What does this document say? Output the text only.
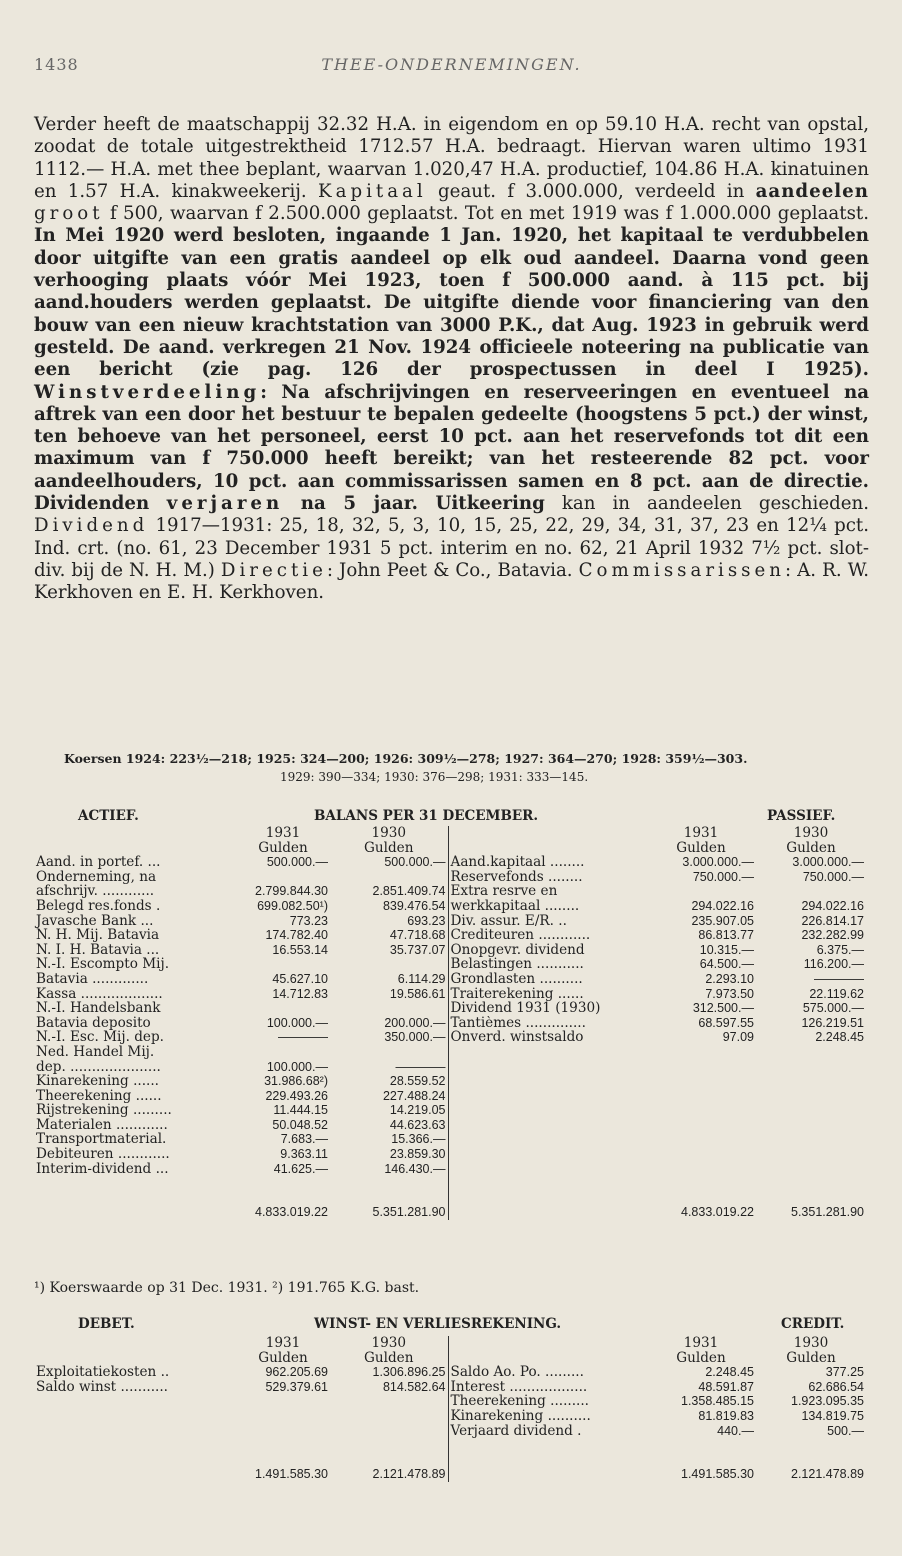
1438	THEE-ONDERNEMINGEN.

Verder heeft de maatschappij 32.32 H.A. in eigendom en op 59.10 H.A. recht van opstal, zoodat de totale uitgestrektheid 1712.57 H.A. bedraagt. Hiervan waren ultimo 1931 1112.— H.A. met thee beplant, waarvan 1.020,47 H.A. productief, 104.86 H.A. kinatuinen en 1.57 H.A. kinakweekerij. Kapitaal geaut. f 3.000.000, verdeeld in aandeelen groot f 500, waarvan f 2.500.000 geplaatst. Tot en met 1919 was f 1.000.000 geplaatst. In Mei 1920 werd besloten, ingaande 1 Jan. 1920, het kapitaal te verdubbelen door uitgifte van een gratis aandeel op elk oud aandeel. Daarna vond geen verhooging plaats vóór Mei 1923, toen f 500.000 aand. à 115 pct. bij aand.houders werden geplaatst. De uitgifte diende voor financiering van den bouw van een nieuw krachtstation van 3000 P.K., dat Aug. 1923 in gebruik werd gesteld. De aand. verkregen 21 Nov. 1924 officieele noteering na publicatie van een bericht (zie pag. 126 der prospectussen in deel I 1925). Winstverdeeling: Na afschrijvingen en reserveeringen en eventueel na aftrek van een door het bestuur te bepalen gedeelte (hoogstens 5 pct.) der winst, ten behoeve van het personeel, eerst 10 pct. aan het reservefonds tot dit een maximum van f 750.000 heeft bereikt; van het resteerende 82 pct. voor aandeelhouders, 10 pct. aan commissarissen samen en 8 pct. aan de directie. Dividenden verjaren na 5 jaar. Uitkeering kan in aandeelen geschieden. Dividend 1917—1931: 25, 18, 32, 5, 3, 10, 15, 25, 22, 29, 34, 31, 37, 23 en 12¼ pct. Ind. crt. (no. 61, 23 December 1931 5 pct. interim en no. 62, 21 April 1932 7½ pct. slot-div. bij de N. H. M.) Directie: John Peet & Co., Batavia. Commissarissen: A. R. W. Kerkhoven en E. H. Kerkhoven.

Koersen 1924: 223½—218; 1925: 324—200; 1926: 309½—278; 1927: 364—270; 1928: 359½—303.
1929: 390—334; 1930: 376—298; 1931: 333—145.
ACTIEF.	BALANS PER 31 DECEMBER.	PASSIEF.
	1931	1930		1931	1930
	Gulden	Gulden		Gulden	Gulden
Aand. in portef. ...	500.000.—	500.000.—	Aand.kapitaal ........	3.000.000.—	3.000.000.—
Onderneming, na			Reservefonds ........	750.000.—	750.000.—
afschrijv. ............	2.799.844.30	2.851.409.74	Extra resrve en		
Belegd res.fonds .	699.082.50¹)	839.476.54	werkkapitaal ........	294.022.16	294.022.16
Javasche Bank ...	773.23	693.23	Div. assur. E/R. ..	235.907.05	226.814.17
N. H. Mij. Batavia	174.782.40	47.718.68	Crediteuren ............	86.813.77	232.282.99
N. I. H. Batavia ...	16.553.14	35.737.07	Onopgevr. dividend	10.315.—	6.375.—
N.-I. Escompto Mij.			Belastingen ...........	64.500.—	116.200.—
Batavia .............	45.627.10	6.114.29	Grondlasten ..........	2.293.10	————
Kassa ...................	14.712.83	19.586.61	Traiterekening ......	7.973.50	22.119.62
N.-I. Handelsbank			Dividend 1931 (1930)	312.500.—	575.000.—
Batavia deposito	100.000.—	200.000.—	Tantièmes ..............	68.597.55	126.219.51
N.-I. Esc. Mij. dep.	————	350.000.—	Onverd. winstsaldo	97.09	2.248.45
Ned. Handel Mij.					
dep. .....................	100.000.—	————			
Kinarekening ......	31.986.68²)	28.559.52			
Theerekening ......	229.493.26	227.488.24			
Rijstrekening .........	11.444.15	14.219.05			
Materialen ............	50.048.52	44.623.63			
Transportmaterial.	7.683.—	15.366.—			
Debiteuren ............	9.363.11	23.859.30			
Interim-dividend ...	41.625.—	146.430.—			

	4.833.019.22	5.351.281.90		4.833.019.22	5.351.281.90
¹) Koerswaarde op 31 Dec. 1931. ²) 191.765 K.G. bast.
DEBET.	WINST- EN VERLIESREKENING.	CREDIT.
	1931	1930		1931	1930
	Gulden	Gulden		Gulden	Gulden
Exploitatiekosten ..	962.205.69	1.306.896.25	Saldo Ao. Po. .........	2.248.45	377.25
Saldo winst ...........	529.379.61	814.582.64	Interest ..................	48.591.87	62.686.54
			Theerekening .........	1.358.485.15	1.923.095.35
			Kinarekening ..........	81.819.83	134.819.75
			Verjaard dividend .	440.—	500.—

	1.491.585.30	2.121.478.89		1.491.585.30	2.121.478.89
